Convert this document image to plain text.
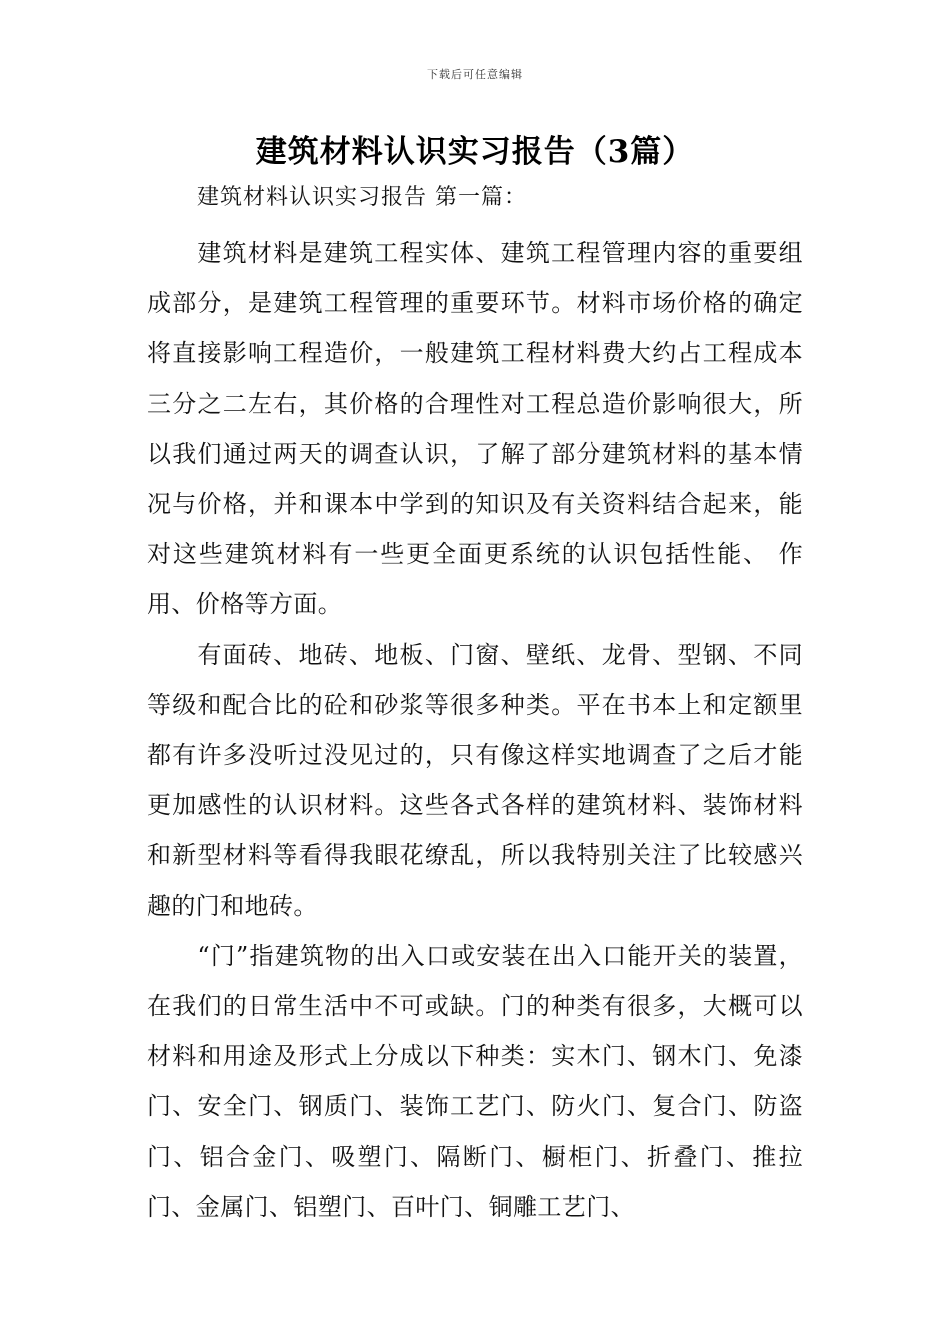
下载后可任意编辑
建筑材料认识实习报告（3篇）
建筑材料认识实习报告 第一篇：

建筑材料是建筑工程实体、建筑工程管理内容的重要组成部分，是建筑工程管理的重要环节。材料市场价格的确定将直接影响工程造价，一般建筑工程材料费大约占工程成本三分之二左右，其价格的合理性对工程总造价影响很大，所以我们通过两天的调查认识，了解了部分建筑材料的基本情况与价格，并和课本中学到的知识及有关资料结合起来，能对这些建筑材料有一些更全面更系统的认识包括性能、 作用、价格等方面。

有面砖、地砖、地板、门窗、壁纸、龙骨、型钢、不同等级和配合比的砼和砂浆等很多种类。平在书本上和定额里都有许多没听过没见过的，只有像这样实地调查了之后才能更加感性的认识材料。这些各式各样的建筑材料、装饰材料和新型材料等看得我眼花缭乱，所以我特别关注了比较感兴趣的门和地砖。

“门”指建筑物的出入口或安装在出入口能开关的装置，在我们的日常生活中不可或缺。门的种类有很多，大概可以材料和用途及形式上分成以下种类：实木门、钢木门、免漆门、安全门、钢质门、装饰工艺门、防火门、复合门、防盗门、铝合金门、吸塑门、隔断门、橱柜门、折叠门、推拉门、金属门、铝塑门、百叶门、铜雕工艺门、
